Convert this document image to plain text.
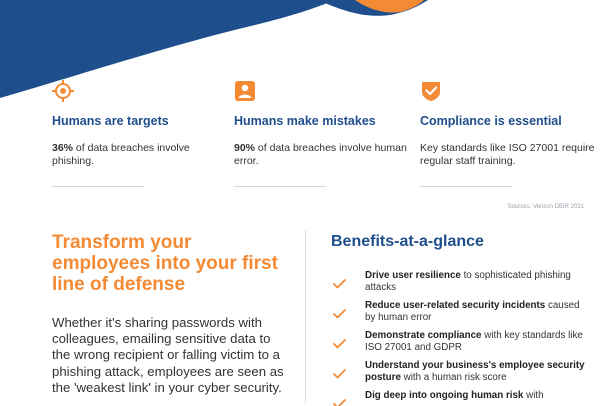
Humans are targets
36% of data breaches involve phishing.
Humans make mistakes
90% of data breaches involve human error.
Compliance is essential
Key standards like ISO 27001 require regular staff training.
Sources: Verizon DBIR 2021
Transform your employees into your first line of defense
Whether it's sharing passwords with colleagues, emailing sensitive data to the wrong recipient or falling victim to a phishing attack, employees are seen as the 'weakest link' in your cyber security.
Benefits-at-a-glance
Drive user resilience to sophisticated phishing attacks
Reduce user-related security incidents caused by human error
Demonstrate compliance with key standards like ISO 27001 and GDPR
Understand your business's employee security posture with a human risk score
Dig deep into ongoing human risk with
